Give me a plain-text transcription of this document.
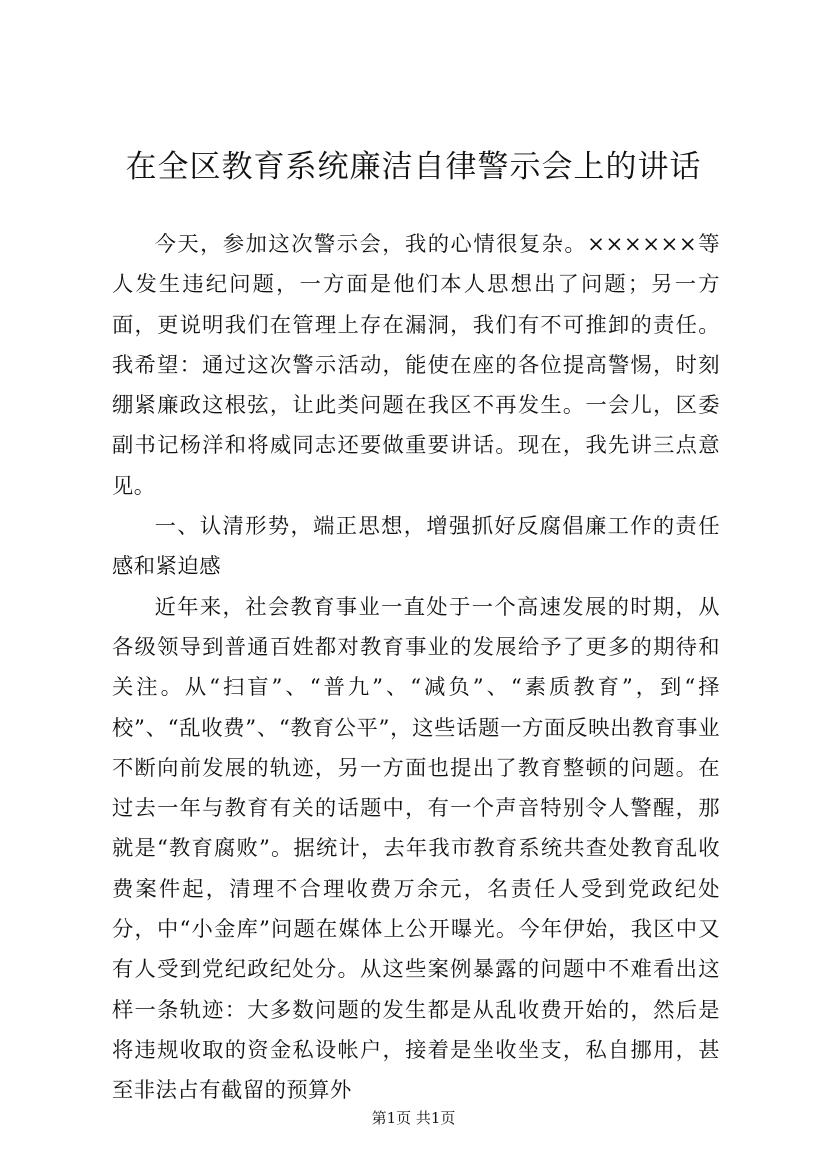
在全区教育系统廉洁自律警示会上的讲话

今天，参加这次警示会，我的心情很复杂。××××××等人发生违纪问题，一方面是他们本人思想出了问题；另一方面，更说明我们在管理上存在漏洞，我们有不可推卸的责任。我希望：通过这次警示活动，能使在座的各位提高警惕，时刻绷紧廉政这根弦，让此类问题在我区不再发生。一会儿，区委副书记杨洋和将威同志还要做重要讲话。现在，我先讲三点意见。

一、认清形势，端正思想，增强抓好反腐倡廉工作的责任感和紧迫感

近年来，社会教育事业一直处于一个高速发展的时期，从各级领导到普通百姓都对教育事业的发展给予了更多的期待和关注。从“扫盲”、“普九”、“减负”、“素质教育”，到“择校”、“乱收费”、“教育公平”，这些话题一方面反映出教育事业不断向前发展的轨迹，另一方面也提出了教育整顿的问题。在过去一年与教育有关的话题中，有一个声音特别令人警醒，那就是“教育腐败”。据统计，去年我市教育系统共查处教育乱收费案件起，清理不合理收费万余元，名责任人受到党政纪处分，中“小金库”问题在媒体上公开曝光。今年伊始，我区中又有人受到党纪政纪处分。从这些案例暴露的问题中不难看出这样一条轨迹：大多数问题的发生都是从乱收费开始的，然后是将违规收取的资金私设帐户，接着是坐收坐支，私自挪用，甚至非法占有截留的预算外

第1页 共1页
